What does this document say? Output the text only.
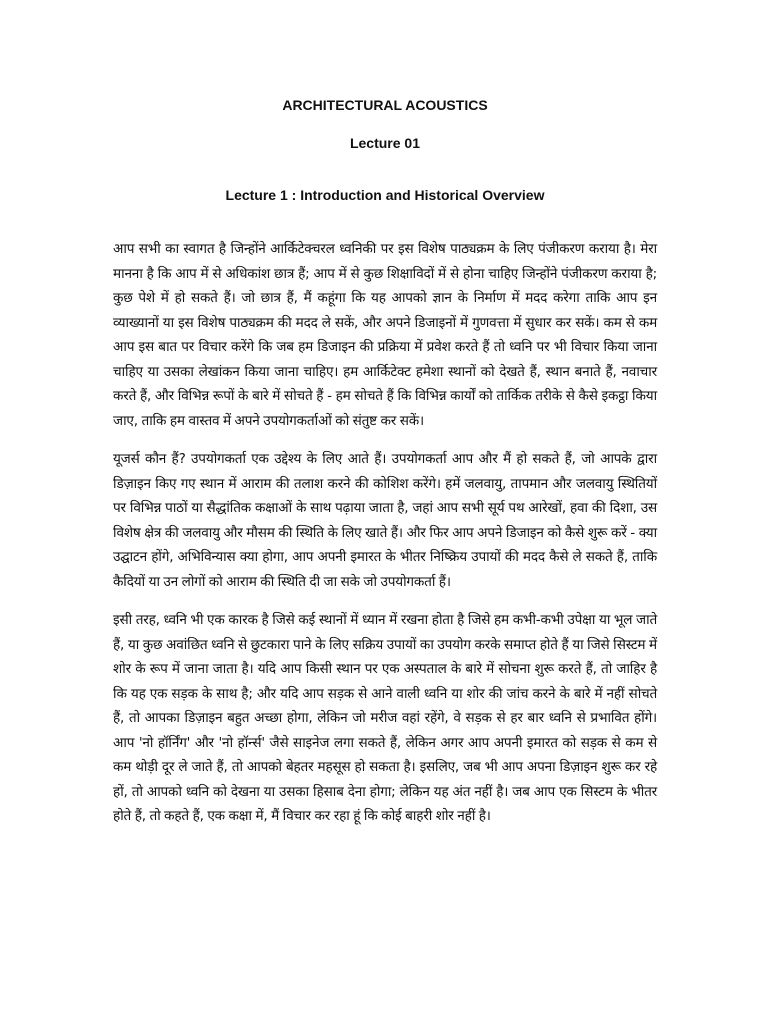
ARCHITECTURAL ACOUSTICS
Lecture 01
Lecture 1 : Introduction and Historical Overview

आप सभी का स्वागत है जिन्होंने आर्किटेक्चरल ध्वनिकी पर इस विशेष पाठ्यक्रम के लिए पंजीकरण कराया है। मेरा मानना है कि आप में से अधिकांश छात्र हैं; आप में से कुछ शिक्षाविदों में से होना चाहिए जिन्होंने पंजीकरण कराया है; कुछ पेशे में हो सकते हैं। जो छात्र हैं, मैं कहूंगा कि यह आपको ज्ञान के निर्माण में मदद करेगा ताकि आप इन व्याख्यानों या इस विशेष पाठ्यक्रम की मदद ले सकें, और अपने डिजाइनों में गुणवत्ता में सुधार कर सकें। कम से कम आप इस बात पर विचार करेंगे कि जब हम डिजाइन की प्रक्रिया में प्रवेश करते हैं तो ध्वनि पर भी विचार किया जाना चाहिए या उसका लेखांकन किया जाना चाहिए। हम आर्किटेक्ट हमेशा स्थानों को देखते हैं, स्थान बनाते हैं, नवाचार करते हैं, और विभिन्न रूपों के बारे में सोचते हैं - हम सोचते हैं कि विभिन्न कार्यों को तार्किक तरीके से कैसे इकट्ठा किया जाए, ताकि हम वास्तव में अपने उपयोगकर्ताओं को संतुष्ट कर सकें।

यूजर्स कौन हैं? उपयोगकर्ता एक उद्देश्य के लिए आते हैं। उपयोगकर्ता आप और मैं हो सकते हैं, जो आपके द्वारा डिज़ाइन किए गए स्थान में आराम की तलाश करने की कोशिश करेंगे। हमें जलवायु, तापमान और जलवायु स्थितियों पर विभिन्न पाठों या सैद्धांतिक कक्षाओं के साथ पढ़ाया जाता है, जहां आप सभी सूर्य पथ आरेखों, हवा की दिशा, उस विशेष क्षेत्र की जलवायु और मौसम की स्थिति के लिए खाते हैं। और फिर आप अपने डिजाइन को कैसे शुरू करें - क्या उद्घाटन होंगे, अभिविन्यास क्या होगा, आप अपनी इमारत के भीतर निष्क्रिय उपायों की मदद कैसे ले सकते हैं, ताकि कैदियों या उन लोगों को आराम की स्थिति दी जा सके जो उपयोगकर्ता हैं।

इसी तरह, ध्वनि भी एक कारक है जिसे कई स्थानों में ध्यान में रखना होता है जिसे हम कभी-कभी उपेक्षा या भूल जाते हैं, या कुछ अवांछित ध्वनि से छुटकारा पाने के लिए सक्रिय उपायों का उपयोग करके समाप्त होते हैं या जिसे सिस्टम में शोर के रूप में जाना जाता है। यदि आप किसी स्थान पर एक अस्पताल के बारे में सोचना शुरू करते हैं, तो जाहिर है कि यह एक सड़क के साथ है; और यदि आप सड़क से आने वाली ध्वनि या शोर की जांच करने के बारे में नहीं सोचते हैं, तो आपका डिज़ाइन बहुत अच्छा होगा, लेकिन जो मरीज वहां रहेंगे, वे सड़क से हर बार ध्वनि से प्रभावित होंगे। आप 'नो हॉर्निंग' और 'नो हॉर्न्स' जैसे साइनेज लगा सकते हैं, लेकिन अगर आप अपनी इमारत को सड़क से कम से कम थोड़ी दूर ले जाते हैं, तो आपको बेहतर महसूस हो सकता है। इसलिए, जब भी आप अपना डिज़ाइन शुरू कर रहे हों, तो आपको ध्वनि को देखना या उसका हिसाब देना होगा; लेकिन यह अंत नहीं है। जब आप एक सिस्टम के भीतर होते हैं, तो कहते हैं, एक कक्षा में, मैं विचार कर रहा हूं कि कोई बाहरी शोर नहीं है।
